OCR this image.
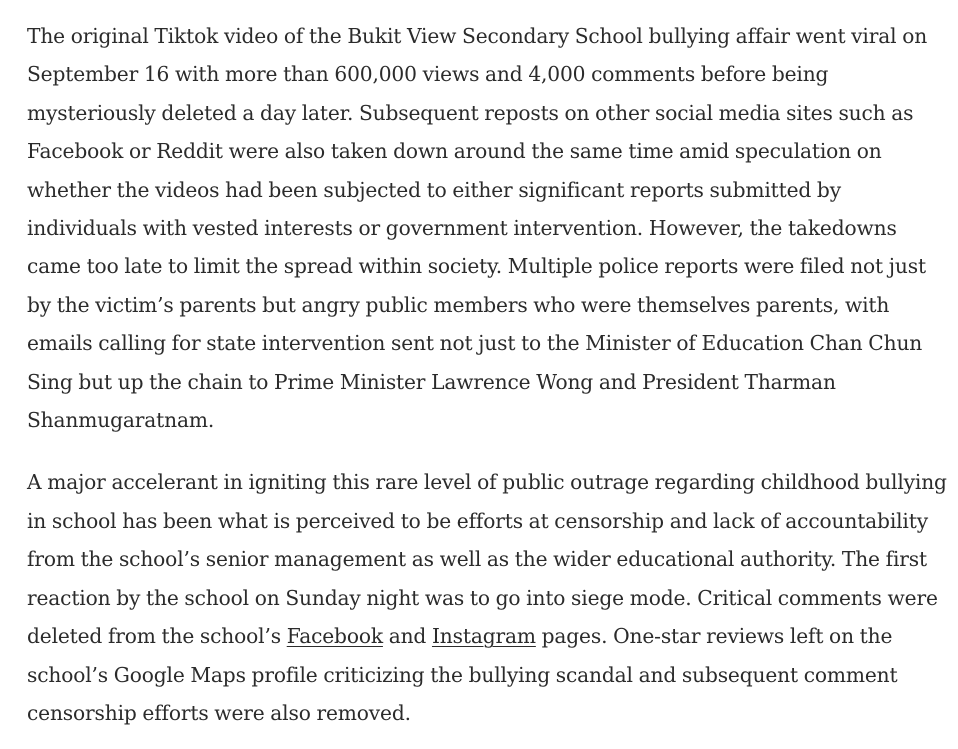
The original Tiktok video of the Bukit View Secondary School bullying affair went viral on September 16 with more than 600,000 views and 4,000 comments before being mysteriously deleted a day later. Subsequent reposts on other social media sites such as Facebook or Reddit were also taken down around the same time amid speculation on whether the videos had been subjected to either significant reports submitted by individuals with vested interests or government intervention. However, the takedowns came too late to limit the spread within society. Multiple police reports were filed not just by the victim’s parents but angry public members who were themselves parents, with emails calling for state intervention sent not just to the Minister of Education Chan Chun Sing but up the chain to Prime Minister Lawrence Wong and President Tharman Shanmugaratnam.

A major accelerant in igniting this rare level of public outrage regarding childhood bullying in school has been what is perceived to be efforts at censorship and lack of accountability from the school’s senior management as well as the wider educational authority. The first reaction by the school on Sunday night was to go into siege mode. Critical comments were deleted from the school’s Facebook and Instagram pages. One-star reviews left on the school’s Google Maps profile criticizing the bullying scandal and subsequent comment censorship efforts were also removed.
